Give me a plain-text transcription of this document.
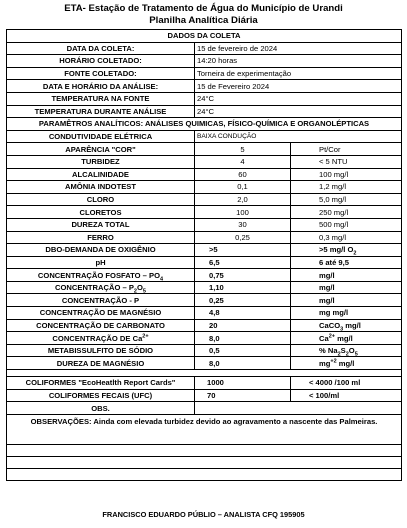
ETA- Estação de Tratamento de Água do Município de Urandi
Planilha Analítica Diária
DADOS DA COLETA		
DATA DA COLETA:	15 de fevereiro de 2024	
HORÁRIO COLETADO:	14:20 horas	
FONTE COLETADO:	Torneira de experimentação	
DATA E HORÁRIO DA ANÁLISE:	15 de Fevereiro 2024	
TEMPERATURA NA FONTE	24°C	
TEMPERATURA DURANTE ANÁLISE	24°C	
PARAMÊTROS ANALÍTICOS: ANÁLISES QUIMICAS, FÍSICO-QUÍMICA E ORGANOLÉPTICAS		
CONDUTIVIDADE ELÉTRICA	BAIXA CONDUÇÃO	
APARÊNCIA "COR"	5	Pt/Cor
TURBIDEZ	4	< 5 NTU
ALCALINIDADE	60	100 mg/l
AMÔNIA INDOTEST	0,1	1,2 mg/l
CLORO	2,0	5,0 mg/l
CLORETOS	100	250 mg/l
DUREZA TOTAL	30	500 mg/l
FERRO	0,25	0,3 mg/l
DBO-DEMANDA DE OXIGÊNIO	>5	>5 mg/l $O_2$
pH	6,5	6 até 9,5
CONCENTRAÇÃO FOSFATO – $PO_4$	0,75	mg/l
CONCENTRAÇÃO – $P_2O_5$	1,10	mg/l
CONCENTRAÇÃO - P	0,25	mg/l
CONCENTRAÇÃO DE MAGNÉSIO	4,8	mg mg/l
CONCENTRAÇÃO DE CARBONATO	20	CaCO$_3$ mg/l
CONCENTRAÇÃO DE $Ca^{2+}$	8,0	$Ca^{2+}$ mg/l
METABISSULFITO DE SÓDIO	0,5	% $Na_2S_2O_5$
DUREZA DE MAGNÉSIO	8,0	$mg^{+2}$ mg/l

COLIFORMES "EcoHeatlth Report Cards"	1000	< 4000 /100 ml
COLIFORMES FECAIS (UFC)	70	< 100/ml
OBS.		
OBSERVAÇÕES: Ainda com elevada turbidez devido ao agravamento a nascente das Palmeiras.		

FRANCISCO EDUARDO PÚBLIO – ANALISTA CFQ 195905
